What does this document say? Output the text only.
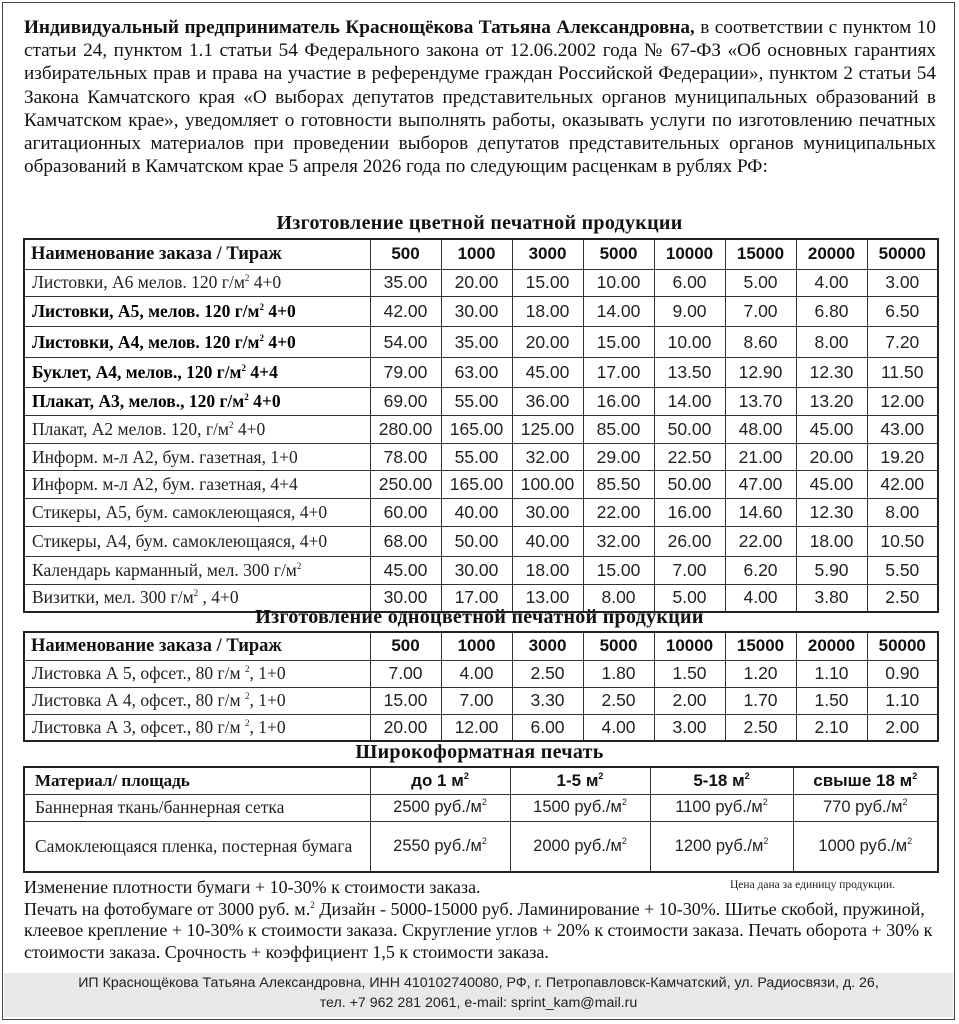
Индивидуальный предприниматель Краснощёкова Татьяна Александровна, в соответствии с пунктом 10 статьи 24, пунктом 1.1 статьи 54 Федерального закона от 12.06.2002 года № 67-ФЗ «Об основных гарантиях избирательных прав и права на участие в референдуме граждан Российской Федерации», пунктом 2 статьи 54 Закона Камчатского края «О выборах депутатов представительных органов муниципальных образований в Камчатском крае», уведомляет о готовности выполнять работы, оказывать услуги по изготовлению печатных агитационных материалов при проведении выборов депутатов представительных органов муниципальных образований в Камчатском крае 5 апреля 2026 года по следующим расценкам в рублях РФ:
Изготовление цветной печатной продукции
Наименование заказа / Тираж	500	1000	3000	5000	10000	15000	20000	50000
Листовки, А6 мелов. 120 $г/м^2$ 4+0	35.00	20.00	15.00	10.00	6.00	5.00	4.00	3.00
Листовки, А5, мелов. 120 $г/м^2$ 4+0	42.00	30.00	18.00	14.00	9.00	7.00	6.80	6.50
Листовки, А4, мелов. 120 $г/м^2$ 4+0	54.00	35.00	20.00	15.00	10.00	8.60	8.00	7.20
Буклет, А4, мелов., 120 $г/м^2$ 4+4	79.00	63.00	45.00	17.00	13.50	12.90	12.30	11.50
Плакат, А3, мелов., 120 $г/м^2$ 4+0	69.00	55.00	36.00	16.00	14.00	13.70	13.20	12.00
Плакат, А2 мелов. 120, $г/м^2$ 4+0	280.00	165.00	125.00	85.00	50.00	48.00	45.00	43.00
Информ. м-л А2, бум. газетная, 1+0	78.00	55.00	32.00	29.00	22.50	21.00	20.00	19.20
Информ. м-л А2, бум. газетная, 4+4	250.00	165.00	100.00	85.50	50.00	47.00	45.00	42.00
Стикеры, А5, бум. самоклеющаяся, 4+0	60.00	40.00	30.00	22.00	16.00	14.60	12.30	8.00
Стикеры, А4, бум. самоклеющаяся, 4+0	68.00	50.00	40.00	32.00	26.00	22.00	18.00	10.50
Календарь карманный, мел. 300 $г/м^2$	45.00	30.00	18.00	15.00	7.00	6.20	5.90	5.50
Визитки, мел. 300 $г/м^2$ , 4+0	30.00	17.00	13.00	8.00	5.00	4.00	3.80	2.50
Изготовление одноцветной печатной продукции
Наименование заказа / Тираж	500	1000	3000	5000	10000	15000	20000	50000
Листовка А 5, офсет., 80 г/м $^2$, 1+0	7.00	4.00	2.50	1.80	1.50	1.20	1.10	0.90
Листовка А 4, офсет., 80 г/м $^2$, 1+0	15.00	7.00	3.30	2.50	2.00	1.70	1.50	1.10
Листовка А 3, офсет., 80 г/м $^2$, 1+0	20.00	12.00	6.00	4.00	3.00	2.50	2.10	2.00
Широкоформатная печать
Материал/ площадь	до 1 $м^2$	1-5 $м^2$	5-18 $м^2$	свыше 18 $м^2$
Баннерная ткань/баннерная сетка	2500 $руб./м^2$	1500 $руб./м^2$	1100 $руб./м^2$	770 $руб./м^2$
Самоклеющаяся пленка, постерная бумага	2550 $руб./м^2$	2000 $руб./м^2$	1200 $руб./м^2$	1000 $руб./м^2$
Цена дана за единицу продукции.
Изменение плотности бумаги + 10-30% к стоимости заказа.
Печать на фотобумаге от 3000 руб. м.$^2$ Дизайн - 5000-15000 руб. Ламинирование + 10-30%. Шитье скобой, пружиной, клеевое крепление + 10-30% к стоимости заказа. Скругление углов + 20% к стоимости заказа. Печать оборота + 30% к стоимости заказа. Срочность + коэффициент 1,5 к стоимости заказа.
ИП Краснощёкова Татьяна Александровна, ИНН 410102740080, РФ, г. Петропавловск-Камчатский, ул. Радиосвязи, д. 26,
тел. +7 962 281 2061, e-mail: sprint_kam@mail.ru
